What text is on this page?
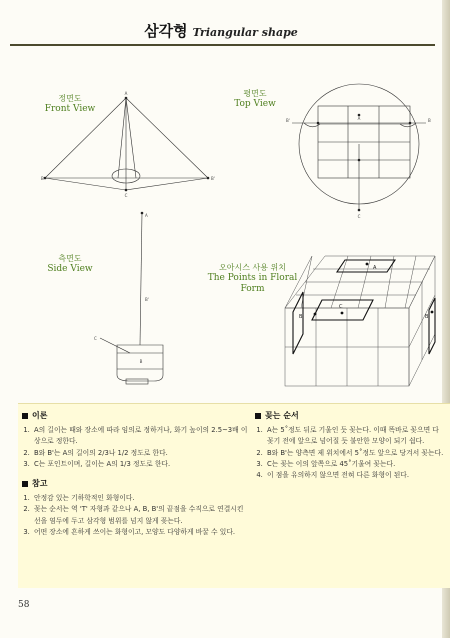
삼각형 Triangular shape
정면도
Front View
평면도
Top View
측면도
Side View	오아시스 사용 위치
The Points in Floral Form
A
B	B'
C
A
B'	B
C
A
B'
C
B
A
C
B'	B
이론
1. A의 길이는 때와 장소에 따라 임의로 정하거나, 화기 높이의 2.5~3배 이상으로 정한다.
2. B와 B'는 A의 길이의 2/3나 1/2 정도로 한다.
3. C는 포인트이며, 길이는 A의 1/3 정도로 한다.
참고
1. 안정감 있는 기하학적인 화형이다.
2. 꽂는 순서는 역 'T' 자형과 같으나 A, B, B'의 끝점을 수직으로 연결시킨 선을 염두에 두고 삼각형 범위를 넘지 않게 꽂는다.
3. 어떤 장소에 흔하게 쓰이는 화형이고, 모양도 다양하게 바꿀 수 있다.
꽂는 순서
1. A는 5˚정도 뒤로 기울인 듯 꽂는다. 이때 똑바로 꽂으면 다 꽂기 전에 앞으로 넘어질 듯 불안한 모양이 되기 쉽다.
2. B와 B'는 양측면 제 위치에서 5˚정도 앞으로 당겨서 꽂는다.
3. C는 꽂는 이의 앞쪽으로 45˚기울여 꽂는다.
4. 이 점을 유의하지 않으면 전혀 다른 화형이 된다.
58
